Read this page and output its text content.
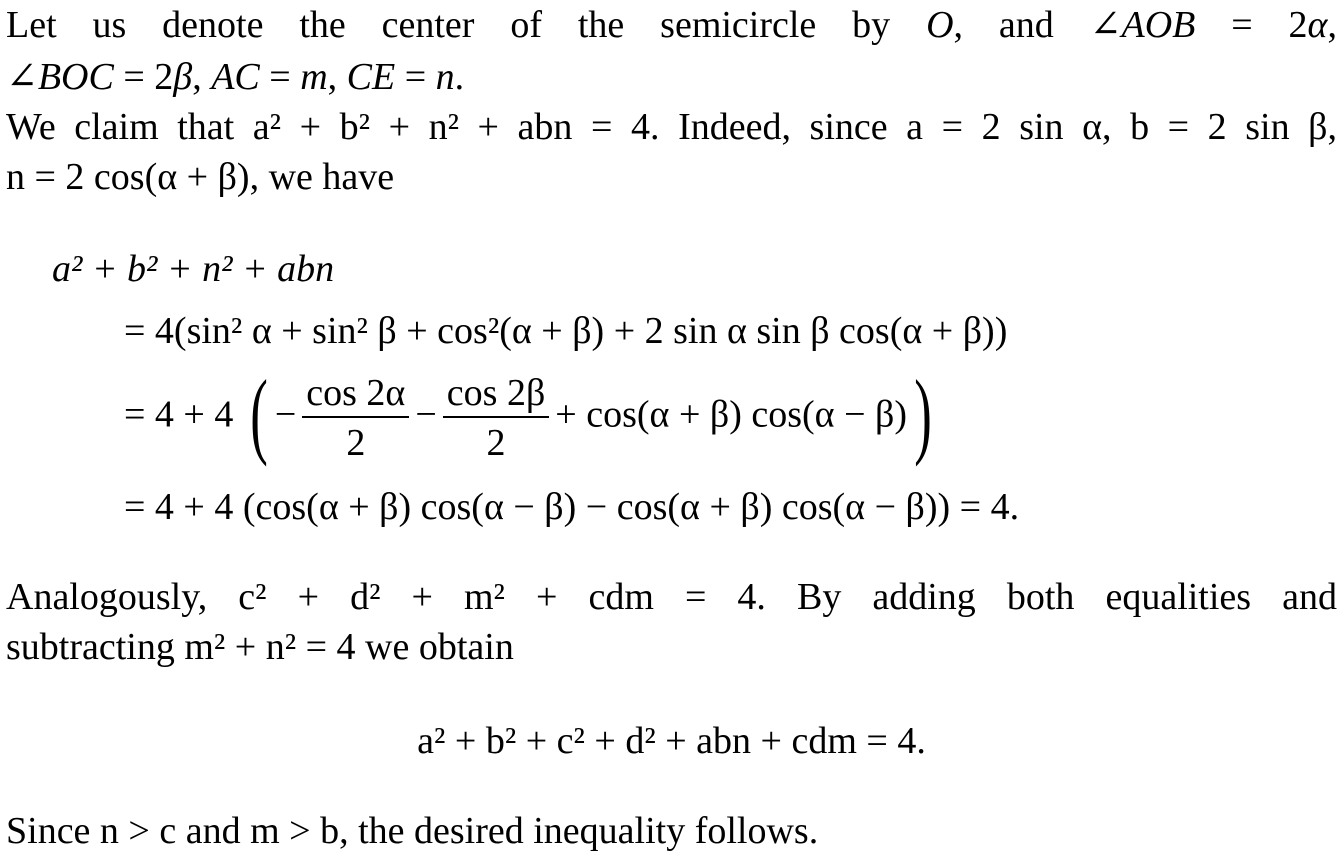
Let us denote the center of the semicircle by O, and ∠AOB = 2α,
∠BOC = 2β, AC = m, CE = n.
We claim that a² + b² + n² + abn = 4. Indeed, since a = 2 sin α, b = 2 sin β,
n = 2 cos(α + β), we have
a² + b² + n² + abn
= 4(sin² α + sin² β + cos²(α + β) + 2 sin α sin β cos(α + β))
= 4 + 4 ( − $\frac{\cos 2\alpha}{2} - \frac{\cos 2\beta}{2} + \cos(\alpha + \beta) \cos(\alpha - \beta)$)
= 4 + 4 (cos(α + β) cos(α − β) − cos(α + β) cos(α − β)) = 4.
Analogously, c² + d² + m² + cdm = 4. By adding both equalities and
subtracting m² + n² = 4 we obtain
a² + b² + c² + d² + abn + cdm = 4.
Since n > c and m > b, the desired inequality follows.
